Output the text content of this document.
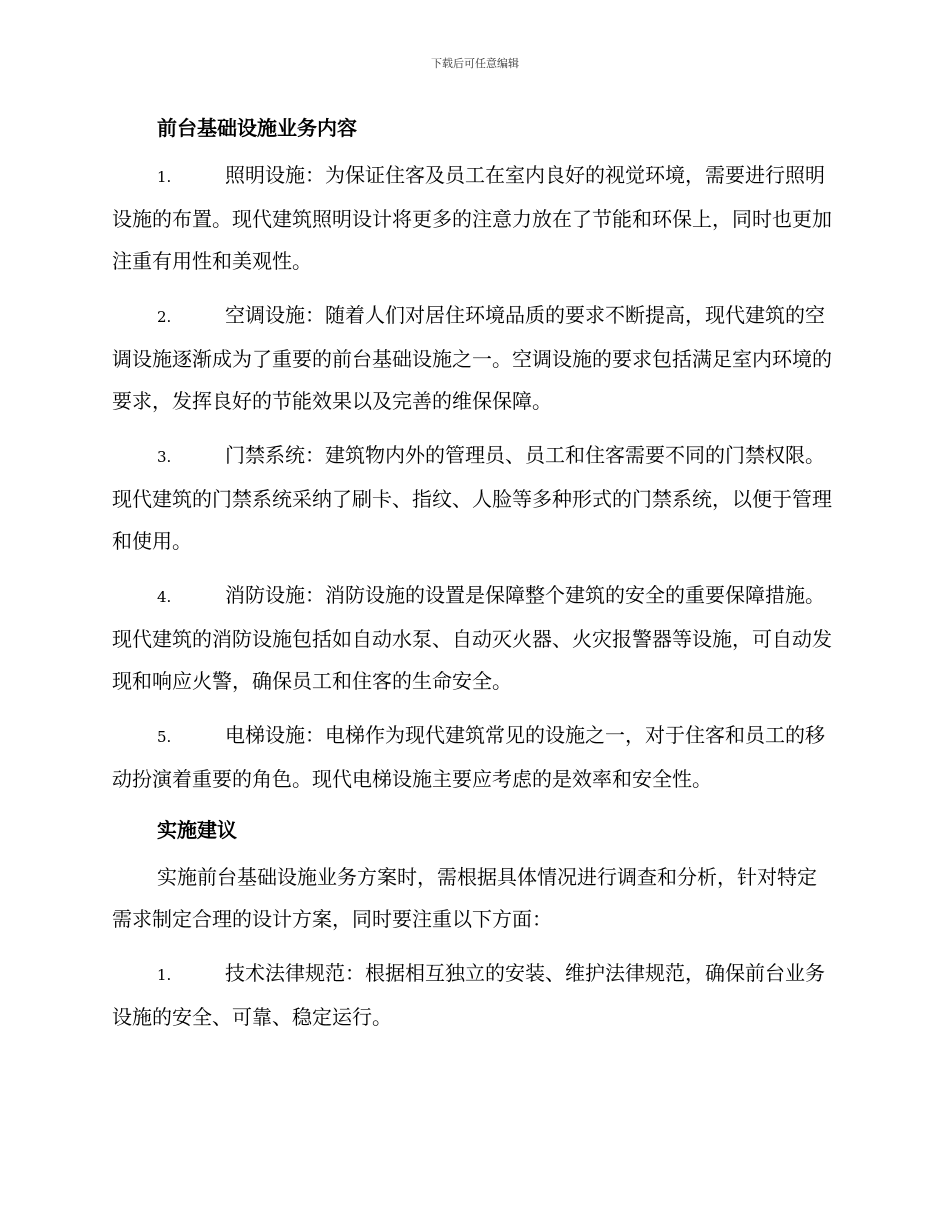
下载后可任意编辑
前台基础设施业务内容
1.	照明设施：为保证住客及员工在室内良好的视觉环境，需要进行照明设施的布置。现代建筑照明设计将更多的注意力放在了节能和环保上，同时也更加注重有用性和美观性。
2.	空调设施：随着人们对居住环境品质的要求不断提高，现代建筑的空调设施逐渐成为了重要的前台基础设施之一。空调设施的要求包括满足室内环境的要求，发挥良好的节能效果以及完善的维保保障。
3.	门禁系统：建筑物内外的管理员、员工和住客需要不同的门禁权限。现代建筑的门禁系统采纳了刷卡、指纹、人脸等多种形式的门禁系统，以便于管理和使用。
4.	消防设施：消防设施的设置是保障整个建筑的安全的重要保障措施。现代建筑的消防设施包括如自动水泵、自动灭火器、火灾报警器等设施，可自动发现和响应火警，确保员工和住客的生命安全。
5.	电梯设施：电梯作为现代建筑常见的设施之一，对于住客和员工的移动扮演着重要的角色。现代电梯设施主要应考虑的是效率和安全性。
实施建议
实施前台基础设施业务方案时，需根据具体情况进行调查和分析，针对特定需求制定合理的设计方案，同时要注重以下方面：
1.	技术法律规范：根据相互独立的安装、维护法律规范，确保前台业务设施的安全、可靠、稳定运行。
